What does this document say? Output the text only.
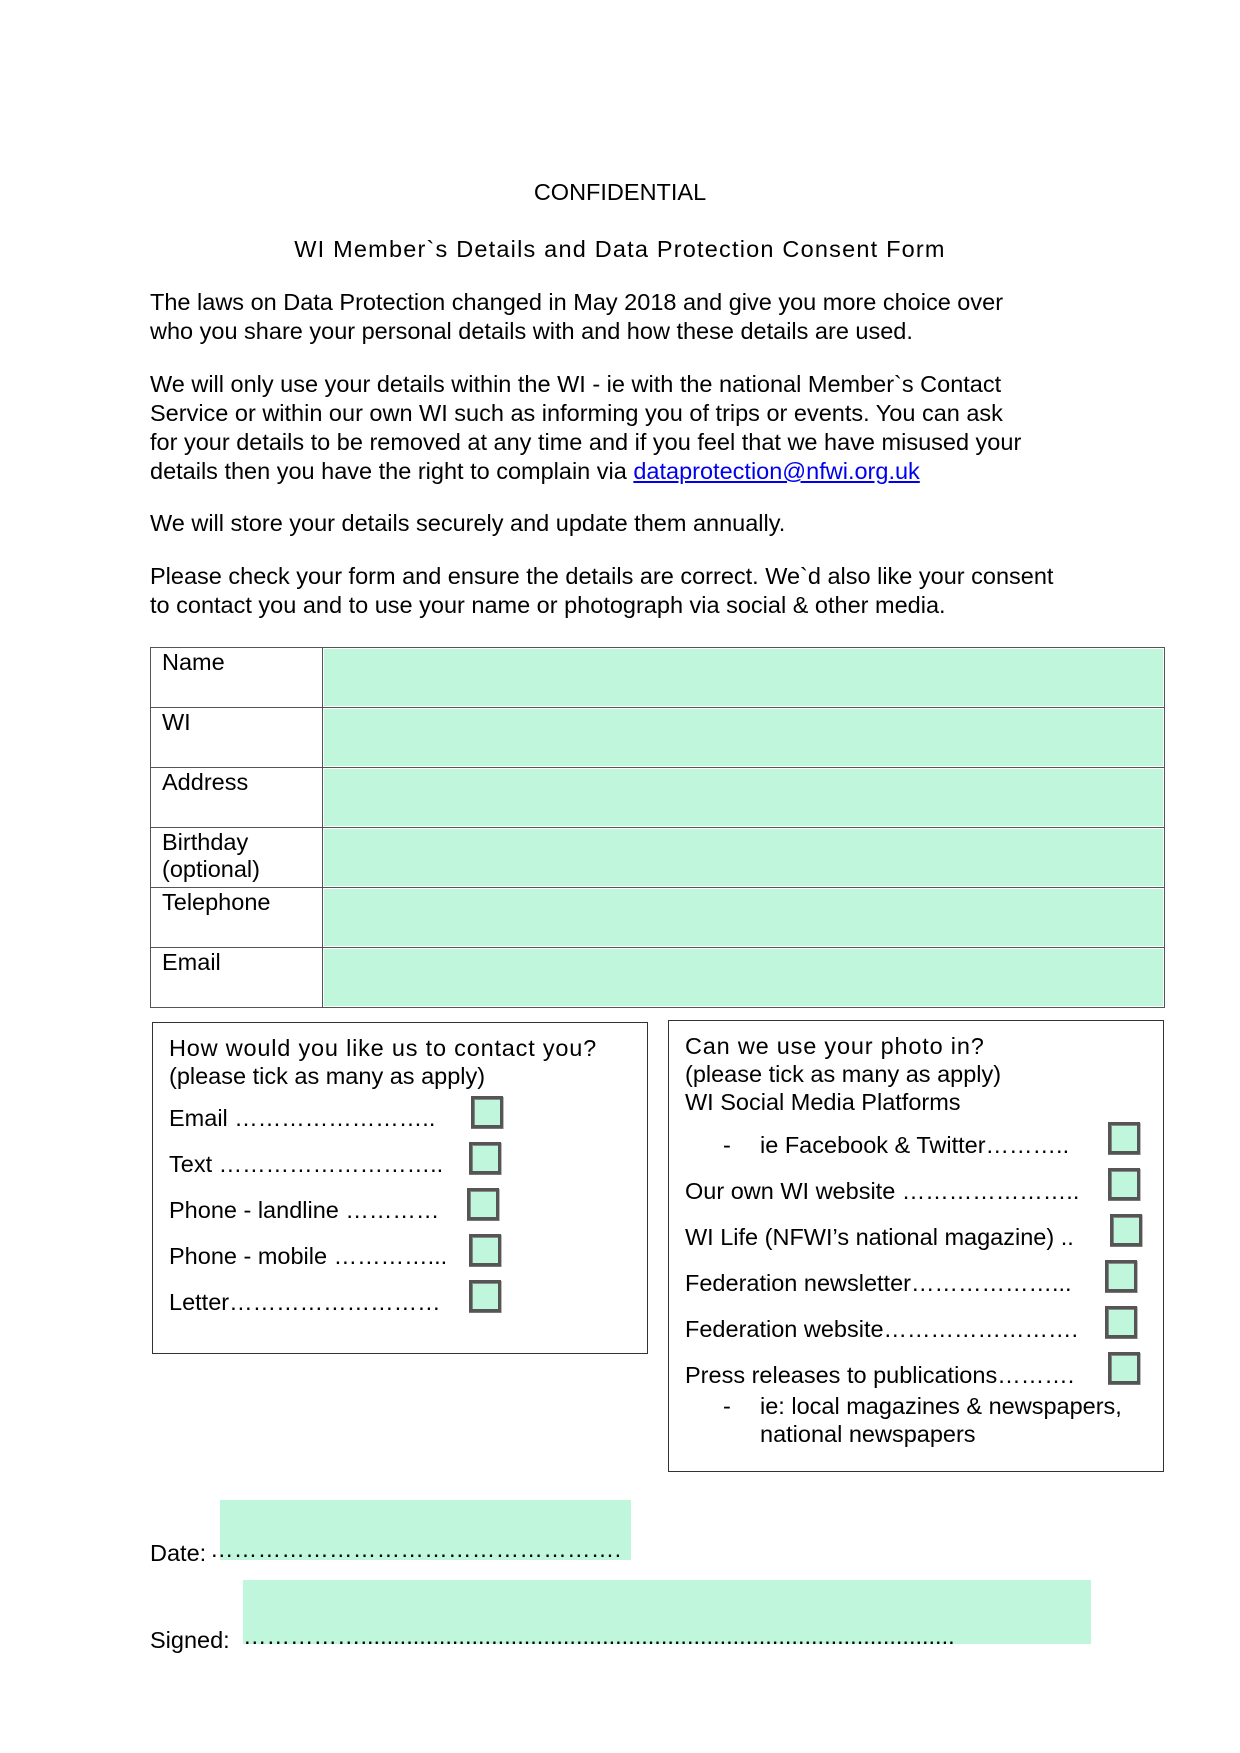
CONFIDENTIAL
WI Member`s Details and Data Protection Consent Form
The laws on Data Protection changed in May 2018 and give you more choice over
who you share your personal details with and how these details are used.
We will only use your details within the WI - ie with the national Member`s Contact
Service or within our own WI such as informing you of trips or events. You can ask
for your details to be removed at any time and if you feel that we have misused your
details then you have the right to complain via dataprotection@nfwi.org.uk
We will store your details securely and update them annually.
Please check your form and ensure the details are correct. We`d also like your consent
to contact you and to use your name or photograph via social & other media.
Name	

WI	

Address	

Birthday
(optional)	

Telephone	

Email	
How would you like us to contact you?
(please tick as many as apply)
Email ……………………..
Text ………………………..
Phone - landline …………
Phone - mobile …………...
Letter………………………
Can we use your photo in?
(please tick as many as apply)
WI Social Media Platforms
- ie Facebook & Twitter………..
Our own WI website …………………..
WI Life (NFWI’s national magazine) ..
Federation newsletter………………...
Federation website…………………….
Press releases to publications……….
- ie: local magazines & newspapers,
national newspapers
Date: …………………………………………….
Signed: ……………...........................................................................................
